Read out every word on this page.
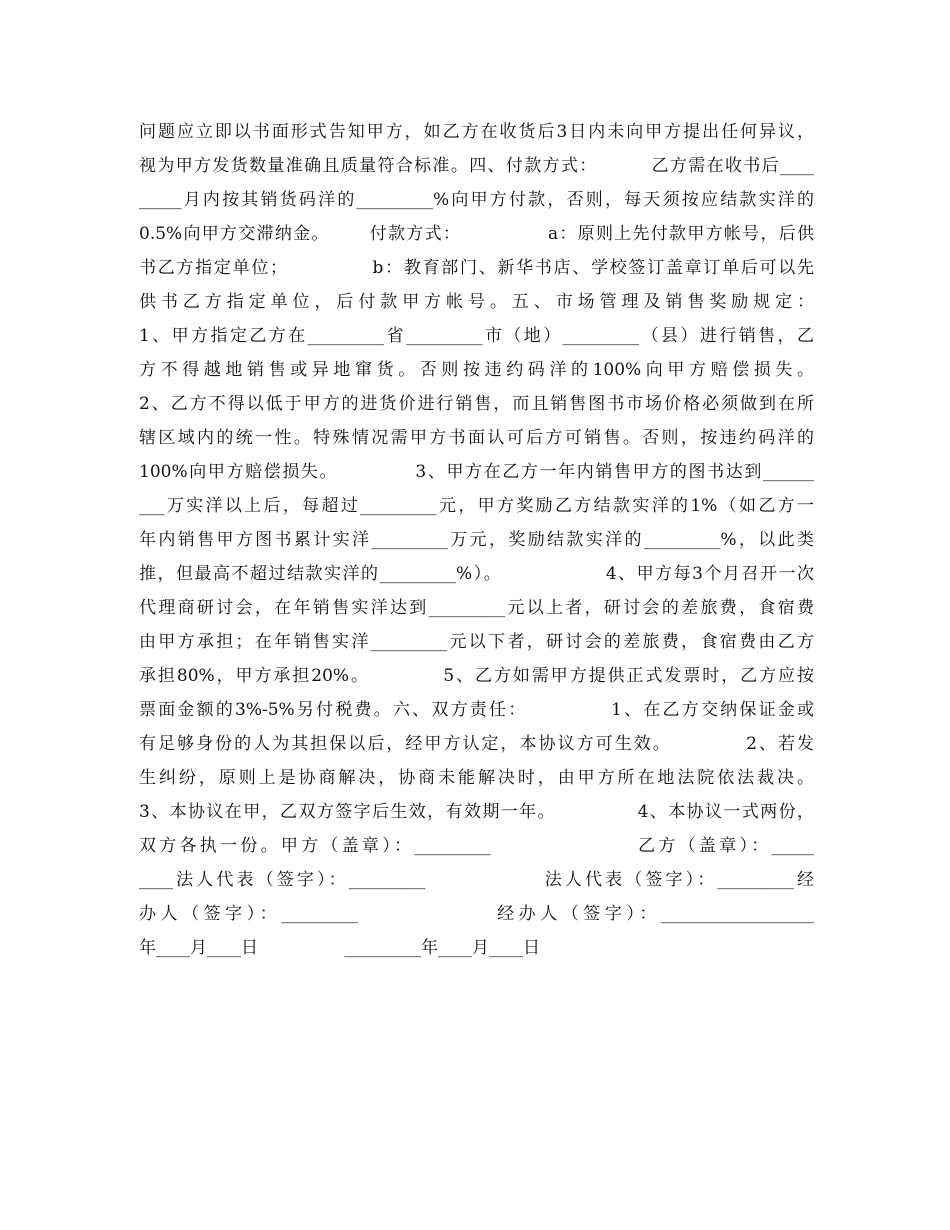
问题应立即以书面形式告知甲方，如乙方在收货后3日内未向甲方提出任何异议，
视为甲方发货数量准确且质量符合标准。四、付款方式：        乙方需在收书后____
_____月内按其销货码洋的_________%向甲方付款，否则，每天须按应结款实洋的
0.5%向甲方交滞纳金。      付款方式：             a：原则上先付款甲方帐号，后供
书乙方指定单位；            b：教育部门、新华书店、学校签订盖章订单后可以先
供书乙方指定单位，后付款甲方帐号。五、市场管理及销售奖励规定：
1、甲方指定乙方在_________省_________市（地）_________（县）进行销售，乙
方不得越地销售或异地窜货。否则按违约码洋的100%向甲方赔偿损失。
2、乙方不得以低于甲方的进货价进行销售，而且销售图书市场价格必须做到在所
辖区域内的统一性。特殊情况需甲方书面认可后方可销售。否则，按违约码洋的
100%向甲方赔偿损失。           3、甲方在乙方一年内销售甲方的图书达到______
___万实洋以上后，每超过_________元，甲方奖励乙方结款实洋的1%（如乙方一
年内销售甲方图书累计实洋_________万元，奖励结款实洋的_________%，以此类
推，但最高不超过结款实洋的_________%）。               4、甲方每3个月召开一次
代理商研讨会，在年销售实洋达到_________元以上者，研讨会的差旅费，食宿费
由甲方承担；在年销售实洋_________元以下者，研讨会的差旅费，食宿费由乙方
承担80%，甲方承担20%。          5、乙方如需甲方提供正式发票时，乙方应按
票面金额的3%-5%另付税费。六、双方责任：           1、在乙方交纳保证金或
有足够身份的人为其担保以后，经甲方认定，本协议方可生效。          2、若发
生纠纷，原则上是协商解决，协商未能解决时，由甲方所在地法院依法裁决。
3、本协议在甲，乙双方签字后生效，有效期一年。            4、本协议一式两份，
双方各执一份。甲方（盖章）：_________                 乙方（盖章）：_____
____法人代表（签字）：_________              法人代表（签字）：_________经
办人（签字）：_________              经办人（签字）：__________________
年____月____日                _________年____月____日
